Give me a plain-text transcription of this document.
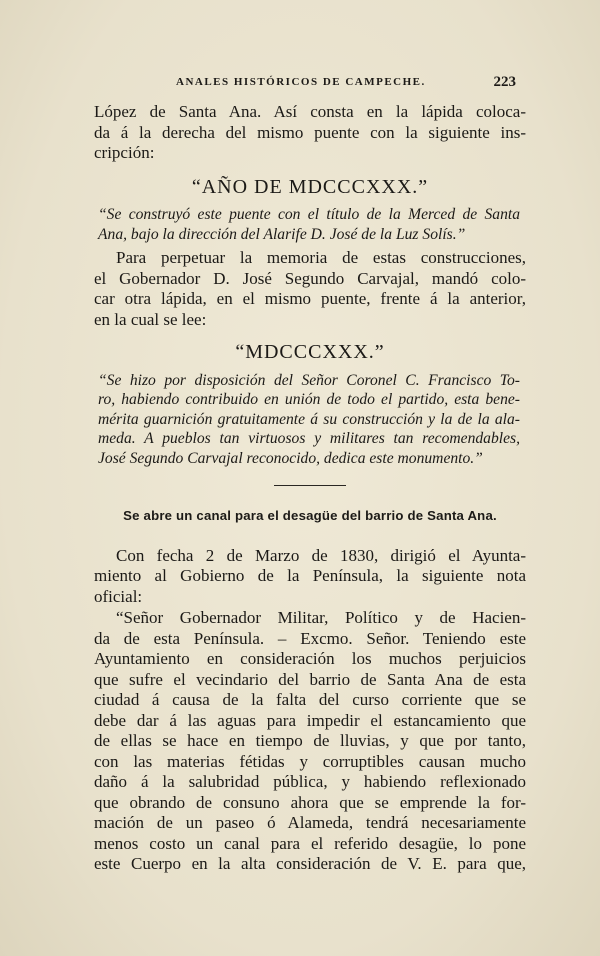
ANALES HISTÓRICOS DE CAMPECHE.	223

López de Santa Ana. Así consta en la lápida coloca-
da á la derecha del mismo puente con la siguiente ins-
cripción:

“AÑO DE MDCCCXXX.”

“Se construyó este puente con el título de la Merced de Santa
Ana, bajo la dirección del Alarife D. José de la Luz Solís.”

Para perpetuar la memoria de estas construcciones,
el Gobernador D. José Segundo Carvajal, mandó colo-
car otra lápida, en el mismo puente, frente á la anterior,
en la cual se lee:

“MDCCCXXX.”

“Se hizo por disposición del Señor Coronel C. Francisco To-
ro, habiendo contribuido en unión de todo el partido, esta bene-
mérita guarnición gratuitamente á su construcción y la de la ala-
meda. A pueblos tan virtuosos y militares tan recomendables,
José Segundo Carvajal reconocido, dedica este monumento.”

Se abre un canal para el desagüe del barrio de Santa Ana.

Con fecha 2 de Marzo de 1830, dirigió el Ayunta-
miento al Gobierno de la Península, la siguiente nota
oficial:

“Señor Gobernador Militar, Político y de Hacien-
da de esta Península. – Excmo. Señor. Teniendo este
Ayuntamiento en consideración los muchos perjuicios
que sufre el vecindario del barrio de Santa Ana de esta
ciudad á causa de la falta del curso corriente que se
debe dar á las aguas para impedir el estancamiento que
de ellas se hace en tiempo de lluvias, y que por tanto,
con las materias fétidas y corruptibles causan mucho
daño á la salubridad pública, y habiendo reflexionado
que obrando de consuno ahora que se emprende la for-
mación de un paseo ó Alameda, tendrá necesariamente
menos costo un canal para el referido desagüe, lo pone
este Cuerpo en la alta consideración de V. E. para que,
